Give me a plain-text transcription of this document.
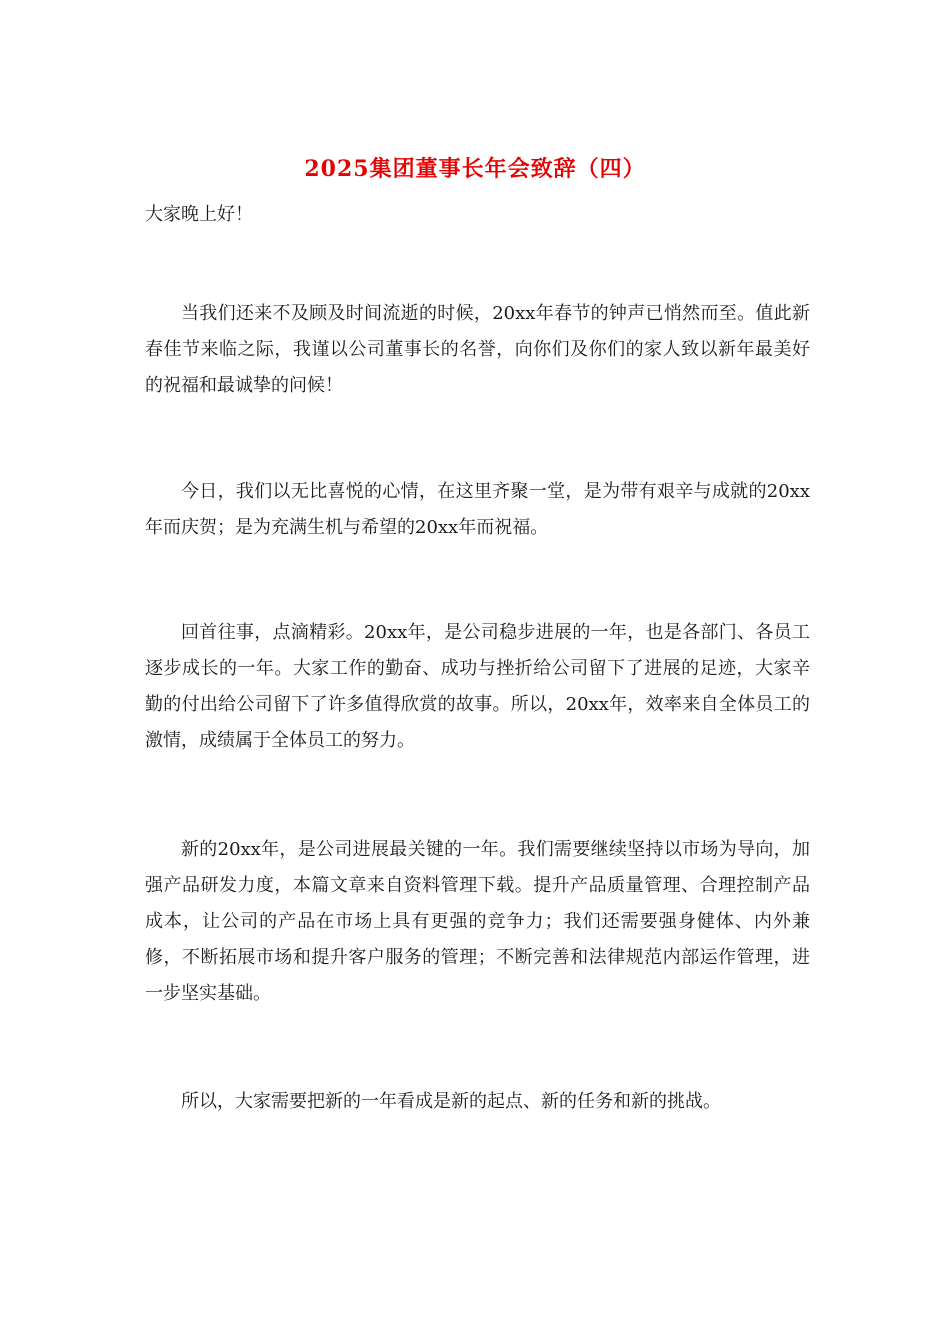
2025集团董事长年会致辞（四）
大家晚上好！

当我们还来不及顾及时间流逝的时候，20xx年春节的钟声已悄然而至。值此新春佳节来临之际，我谨以公司董事长的名誉，向你们及你们的家人致以新年最美好的祝福和最诚挚的问候！

今日，我们以无比喜悦的心情，在这里齐聚一堂，是为带有艰辛与成就的20xx年而庆贺；是为充满生机与希望的20xx年而祝福。

回首往事，点滴精彩。20xx年，是公司稳步进展的一年，也是各部门、各员工逐步成长的一年。大家工作的勤奋、成功与挫折给公司留下了进展的足迹，大家辛勤的付出给公司留下了许多值得欣赏的故事。所以，20xx年，效率来自全体员工的激情，成绩属于全体员工的努力。

新的20xx年，是公司进展最关键的一年。我们需要继续坚持以市场为导向，加强产品研发力度，本篇文章来自资料管理下载。提升产品质量管理、合理控制产品成本，让公司的产品在市场上具有更强的竞争力；我们还需要强身健体、内外兼修，不断拓展市场和提升客户服务的管理；不断完善和法律规范内部运作管理，进一步坚实基础。

所以，大家需要把新的一年看成是新的起点、新的任务和新的挑战。
